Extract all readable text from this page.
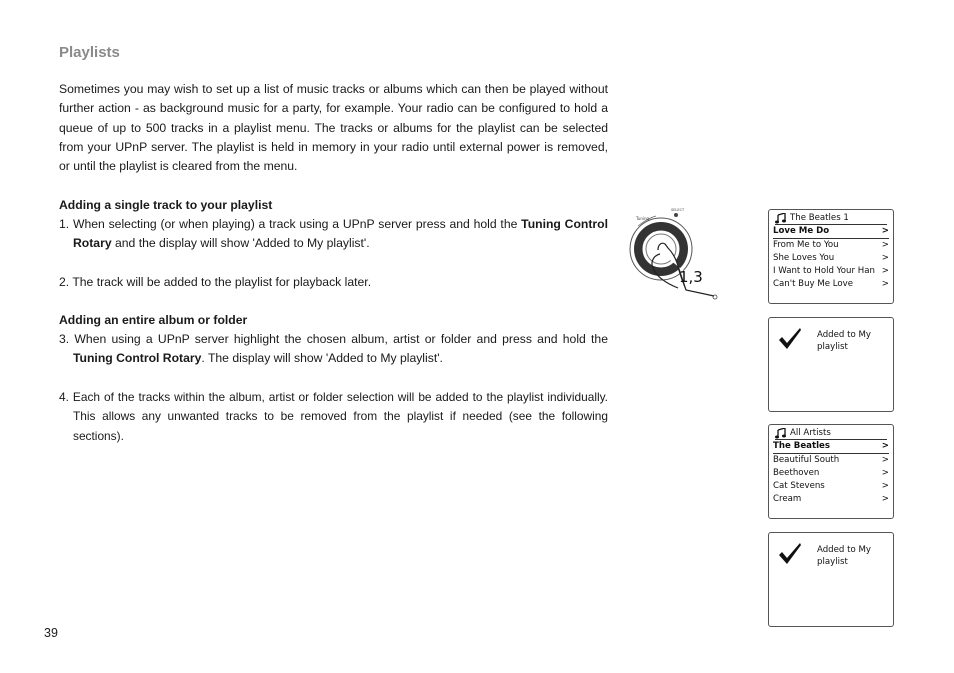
Playlists

Sometimes you may wish to set up a list of music tracks or albums which can then be played without further action - as background music for a party, for example. Your radio can be configured to hold a queue of up to 500 tracks in a playlist menu. The tracks or albums for the playlist can be selected from your UPnP server. The playlist is held in memory in your radio until external power is removed, or until the playlist is cleared from the menu.

Adding a single track to your playlist

1. When selecting (or when playing) a track using a UPnP server press and hold the Tuning Control Rotary and the display will show 'Added to My playlist'.

2. The track will be added to the playlist for playback later.

Adding an entire album or folder

3. When using a UPnP server highlight the chosen album, artist or folder and press and hold the Tuning Control Rotary. The display will show 'Added to My playlist'.

4. Each of the tracks within the album, artist or folder selection will be added to the playlist individually. This allows any unwanted tracks to be removed from the playlist if needed (see the following sections).

Tuning
SELECT
1,3
The Beatles 1
Love Me Do	>
From Me to You	>
She Loves You	>
I Want to Hold Your Han >
Can't Buy Me Love	>
Added to My playlist
All Artists
The Beatles	>
Beautiful South	>
Beethoven	>
Cat Stevens	>
Cream	>
Added to My playlist
39
